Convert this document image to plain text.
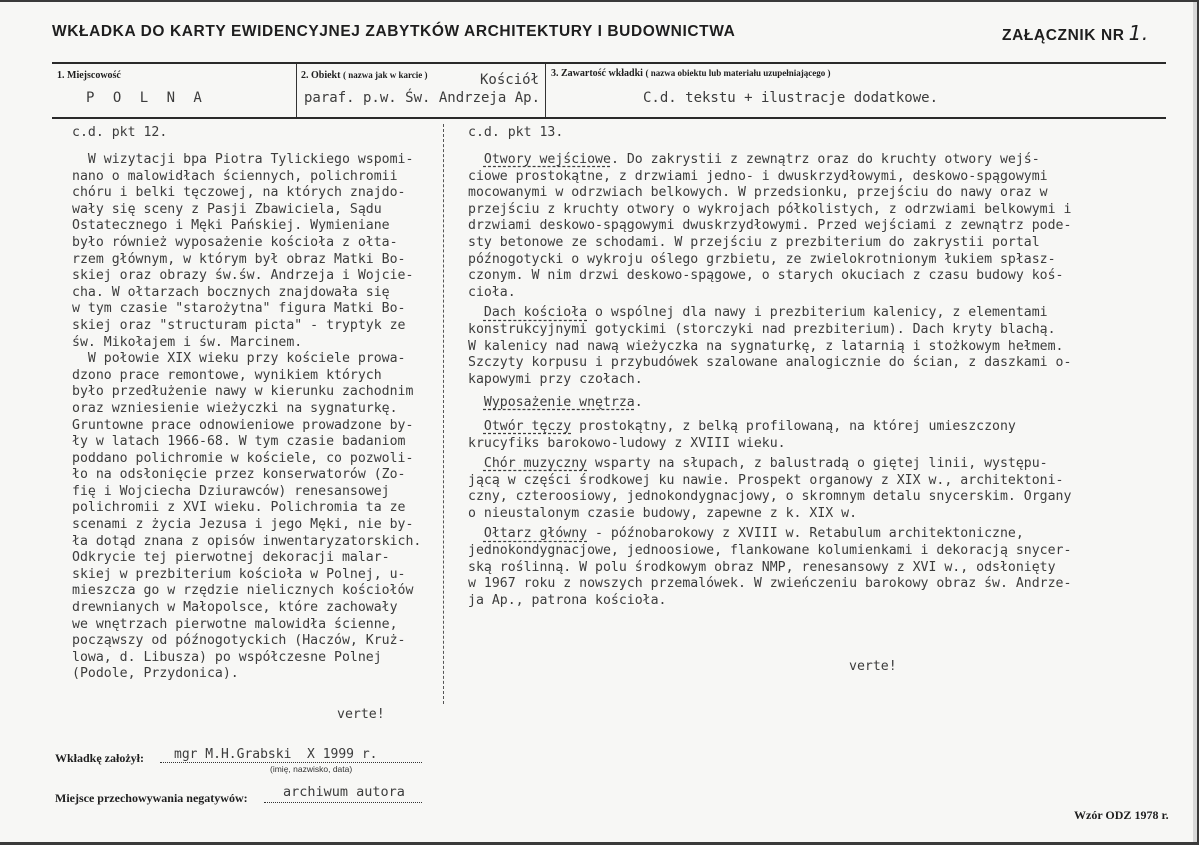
WKŁADKA DO KARTY EWIDENCYJNEJ ZABYTKÓW ARCHITEKTURY I BUDOWNICTWA	ZAŁĄCZNIK NR 1.
1. Miejscowość
P O L N A
2. Obiekt ( nazwa jak w karcie )	Kościół
paraf. p.w. Św. Andrzeja Ap.
3. Zawartość wkładki ( nazwa obiektu lub materiału uzupełniającego )
C.d. tekstu + ilustracje dodatkowe.
c.d. pkt 12.
W wizytacji bpa Piotra Tylickiego wspomi-
nano o malowidłach ściennych, polichromii
chóru i belki tęczowej, na których znajdo-
wały się sceny z Pasji Zbawiciela, Sądu
Ostatecznego i Męki Pańskiej. Wymieniane
było również wyposażenie kościoła z ołta-
rzem głównym, w którym był obraz Matki Bo-
skiej oraz obrazy św.św. Andrzeja i Wojcie-
cha. W ołtarzach bocznych znajdowała się
w tym czasie "starożytna" figura Matki Bo-
skiej oraz "structuram picta" - tryptyk ze
św. Mikołajem i św. Marcinem.
W połowie XIX wieku przy kościele prowa-
dzono prace remontowe, wynikiem których
było przedłużenie nawy w kierunku zachodnim
oraz wzniesienie wieżyczki na sygnaturkę.
Gruntowne prace odnowieniowe prowadzone by-
ły w latach 1966-68. W tym czasie badaniom
poddano polichromie w kościele, co pozwoli-
ło na odsłonięcie przez konserwatorów (Zo-
fię i Wojciecha Dziurawców) renesansowej
polichromii z XVI wieku. Polichromia ta ze
scenami z życia Jezusa i jego Męki, nie by-
ła dotąd znana z opisów inwentaryzatorskich.
Odkrycie tej pierwotnej dekoracji malar-
skiej w prezbiterium kościoła w Polnej, u-
mieszcza go w rzędzie nielicznych kościołów
drewnianych w Małopolsce, które zachowały
we wnętrzach pierwotne malowidła ścienne,
począwszy od późnogotyckich (Haczów, Kruż-
lowa, d. Libusza) po współczesne Polnej
(Podole, Przydonica).
verte!
c.d. pkt 13.
Otwory wejściowe. Do zakrystii z zewnątrz oraz do kruchty otwory wejś-
ciowe prostokątne, z drzwiami jedno- i dwuskrzydłowymi, deskowo-spągowymi
mocowanymi w odrzwiach belkowych. W przedsionku, przejściu do nawy oraz w
przejściu z kruchty otwory o wykrojach półkolistych, z odrzwiami belkowymi i
drzwiami deskowo-spągowymi dwuskrzydłowymi. Przed wejściami z zewnątrz pode-
sty betonowe ze schodami. W przejściu z prezbiterium do zakrystii portal
późnogotycki o wykroju oślego grzbietu, ze zwielokrotnionym łukiem spłasz-
czonym. W nim drzwi deskowo-spągowe, o starych okuciach z czasu budowy koś-
cioła.
Dach kościoła o wspólnej dla nawy i prezbiterium kalenicy, z elementami
konstrukcyjnymi gotyckimi (storczyki nad prezbiterium). Dach kryty blachą.
W kalenicy nad nawą wieżyczka na sygnaturkę, z latarnią i stożkowym hełmem.
Szczyty korpusu i przybudówek szalowane analogicznie do ścian, z daszkami o-
kapowymi przy czołach.
Wyposażenie wnętrza.
Otwór tęczy prostokątny, z belką profilowaną, na której umieszczony
krucyfiks barokowo-ludowy z XVIII wieku.
Chór muzyczny wsparty na słupach, z balustradą o giętej linii, występu-
jącą w części środkowej ku nawie. Prospekt organowy z XIX w., architektoni-
czny, czteroosiowy, jednokondygnacjowy, o skromnym detalu snycerskim. Organy
o nieustalonym czasie budowy, zapewne z k. XIX w.
Ołtarz główny - późnobarokowy z XVIII w. Retabulum architektoniczne,
jednokondygnacjowe, jednoosiowe, flankowane kolumienkami i dekoracją snycer-
ską roślinną. W polu środkowym obraz NMP, renesansowy z XVI w., odsłonięty
w 1967 roku z nowszych przemalówek. W zwieńczeniu barokowy obraz św. Andrze-
ja Ap., patrona kościoła.
verte!
Wkładkę założył: mgr M.H.Grabski  X 1999 r.
(imię, nazwisko, data)
Miejsce przechowywania negatywów:	archiwum autora
Wzór ODZ 1978 r.
